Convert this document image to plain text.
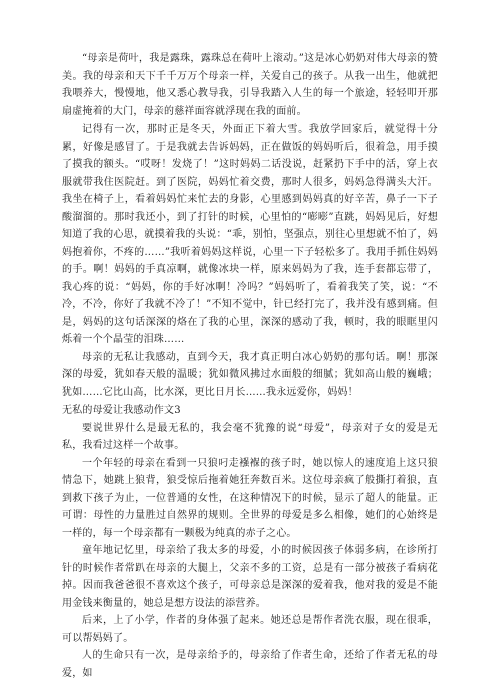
“母亲是荷叶，我是露珠，露珠总在荷叶上滚动。”这是冰心奶奶对伟大母亲的赞美。我的母亲和天下千千万万个母亲一样，关爱自己的孩子。从我一出生，他就把我喂养大，慢慢地，他又悉心教导我，引导我踏入人生的每一个旅途，轻轻叩开那扇虚掩着的大门，母亲的慈祥面容就浮现在我的面前。

记得有一次，那时正是冬天，外面正下着大雪。我放学回家后，就觉得十分累，好像是感冒了。于是我就去告诉妈妈，正在做饭的妈妈听后，很着急，用手摸了摸我的额头。“哎呀！发烧了！”这时妈妈二话没说，赶紧扔下手中的活，穿上衣服就带我住医院赶。到了医院，妈妈忙着交费，那时人很多，妈妈急得满头大汗。我坐在椅子上，看着妈妈忙来忙去的身影，心里感到妈妈真的好辛苦，鼻子一下子酸溜溜的。那时我还小，到了打针的时候，心里怕的“嘭嘭”直跳，妈妈见后，好想知道了我的心思，就摸着我的头说：“乖，别怕，坚强点，别往心里想就不怕了，妈妈抱着你，不疼的……”我听着妈妈这样说，心里一下子轻松多了。我用手抓住妈妈的手。啊！妈妈的手真凉啊，就像冰块一样，原来妈妈为了我，连手套都忘带了，我心疼的说：“妈妈，你的手好冰啊！冷吗？”妈妈听了，看着我笑了笑，说：“不冷，不冷，你好了我就不冷了！”不知不觉中，针已经打完了，我并没有感到痛。但是，妈妈的这句话深深的烙在了我的心里，深深的感动了我，顿时，我的眼眶里闪烁着一个个晶莹的泪珠……

母亲的无私让我感动，直到今天，我才真正明白冰心奶奶的那句话。啊！那深深的母爱，犹如春天般的温暖；犹如微风拂过水面般的细腻；犹如高山般的巍峨；犹如……它比山高，比水深，更比日月长……我永远爱你，妈妈！

无私的母爱让我感动作文3

要说世界什么是最无私的，我会毫不犹豫的说“母爱”，母亲对子女的爱是无私，我看过这样一个故事。

一个年轻的母亲在看到一只狼叼走襁褓的孩子时，她以惊人的速度追上这只狼情急下，她跳上狼背，狼受惊后拖着她狂奔数百米。这位母亲疯了般撕打着狼，直到救下孩子为止，一位普通的女性，在这种情况下的时候，显示了超人的能量。正可谓：母性的力量胜过自然界的规则。全世界的母爱是多么相像，她们的心始终是一样的，每一个母亲都有一颗极为纯真的赤子之心。

童年地记忆里，母亲给了我太多的母爱，小的时候因孩子体弱多病，在诊所打针的时候作者常趴在母亲的大腿上，父亲不多的工资，总是有一部分被孩子看病花掉。因而我爸爸很不喜欢这个孩子，可母亲总是深深的爱着我，他对我的爱是不能用金钱来衡量的，她总是想方设法的添营养。

后来，上了小学，作者的身体强了起来。她还总是帮作者洗衣服，现在很乖，可以帮妈妈了。

人的生命只有一次，是母亲给予的，母亲给了作者生命，还给了作者无私的母爱，如
